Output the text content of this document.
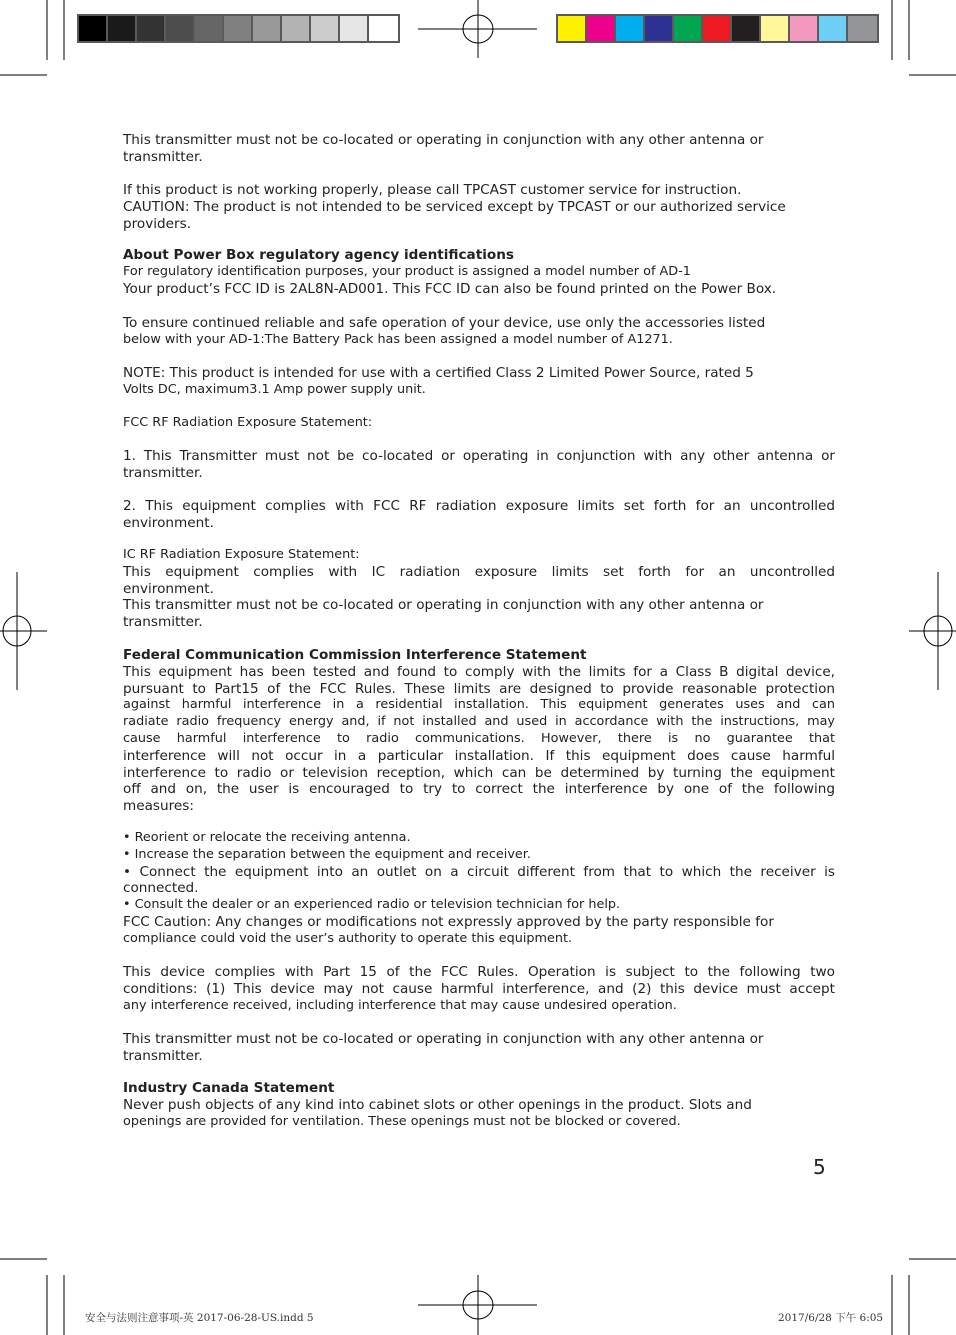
This transmitter must not be co-located or operating in conjunction with any other antenna or
transmitter.
If this product is not working properly, please call TPCAST customer service for instruction.
CAUTION: The product is not intended to be serviced except by TPCAST or our authorized service
providers.
About Power Box regulatory agency identifications
For regulatory identification purposes, your product is assigned a model number of AD-1
Your product’s FCC ID is 2AL8N-AD001. This FCC ID can also be found printed on the Power Box.
To ensure continued reliable and safe operation of your device, use only the accessories listed
below with your AD-1:The Battery Pack has been assigned a model number of A1271.
NOTE: This product is intended for use with a certified Class 2 Limited Power Source, rated 5
Volts DC, maximum3.1 Amp power supply unit.
FCC RF Radiation Exposure Statement:
1. This Transmitter must not be co-located or operating in conjunction with any other antenna or
transmitter.
2. This equipment complies with FCC RF radiation exposure limits set forth for an uncontrolled
environment.
IC RF Radiation Exposure Statement:
This equipment complies with IC radiation exposure limits set forth for an uncontrolled
environment.
This transmitter must not be co-located or operating in conjunction with any other antenna or
transmitter.
Federal Communication Commission Interference Statement
This equipment has been tested and found to comply with the limits for a Class B digital device,
pursuant to Part15 of the FCC Rules. These limits are designed to provide reasonable protection
against harmful interference in a residential installation. This equipment generates uses and can
radiate radio frequency energy and, if not installed and used in accordance with the instructions, may
cause harmful interference to radio communications. However, there is no guarantee that
interference will not occur in a particular installation. If this equipment does cause harmful
interference to radio or television reception, which can be determined by turning the equipment
off and on, the user is encouraged to try to correct the interference by one of the following
measures:
• Reorient or relocate the receiving antenna.
• Increase the separation between the equipment and receiver.
• Connect the equipment into an outlet on a circuit different from that to which the receiver is
connected.
• Consult the dealer or an experienced radio or television technician for help.
FCC Caution: Any changes or modifications not expressly approved by the party responsible for
compliance could void the user’s authority to operate this equipment.
This device complies with Part 15 of the FCC Rules. Operation is subject to the following two
conditions: (1) This device may not cause harmful interference, and (2) this device must accept
any interference received, including interference that may cause undesired operation.
This transmitter must not be co-located or operating in conjunction with any other antenna or
transmitter.
Industry Canada Statement
Never push objects of any kind into cabinet slots or other openings in the product. Slots and
openings are provided for ventilation. These openings must not be blocked or covered.
5
安全与法则注意事项-英 2017-06-28-US.indd 5	2017/6/28 下午 6:05
